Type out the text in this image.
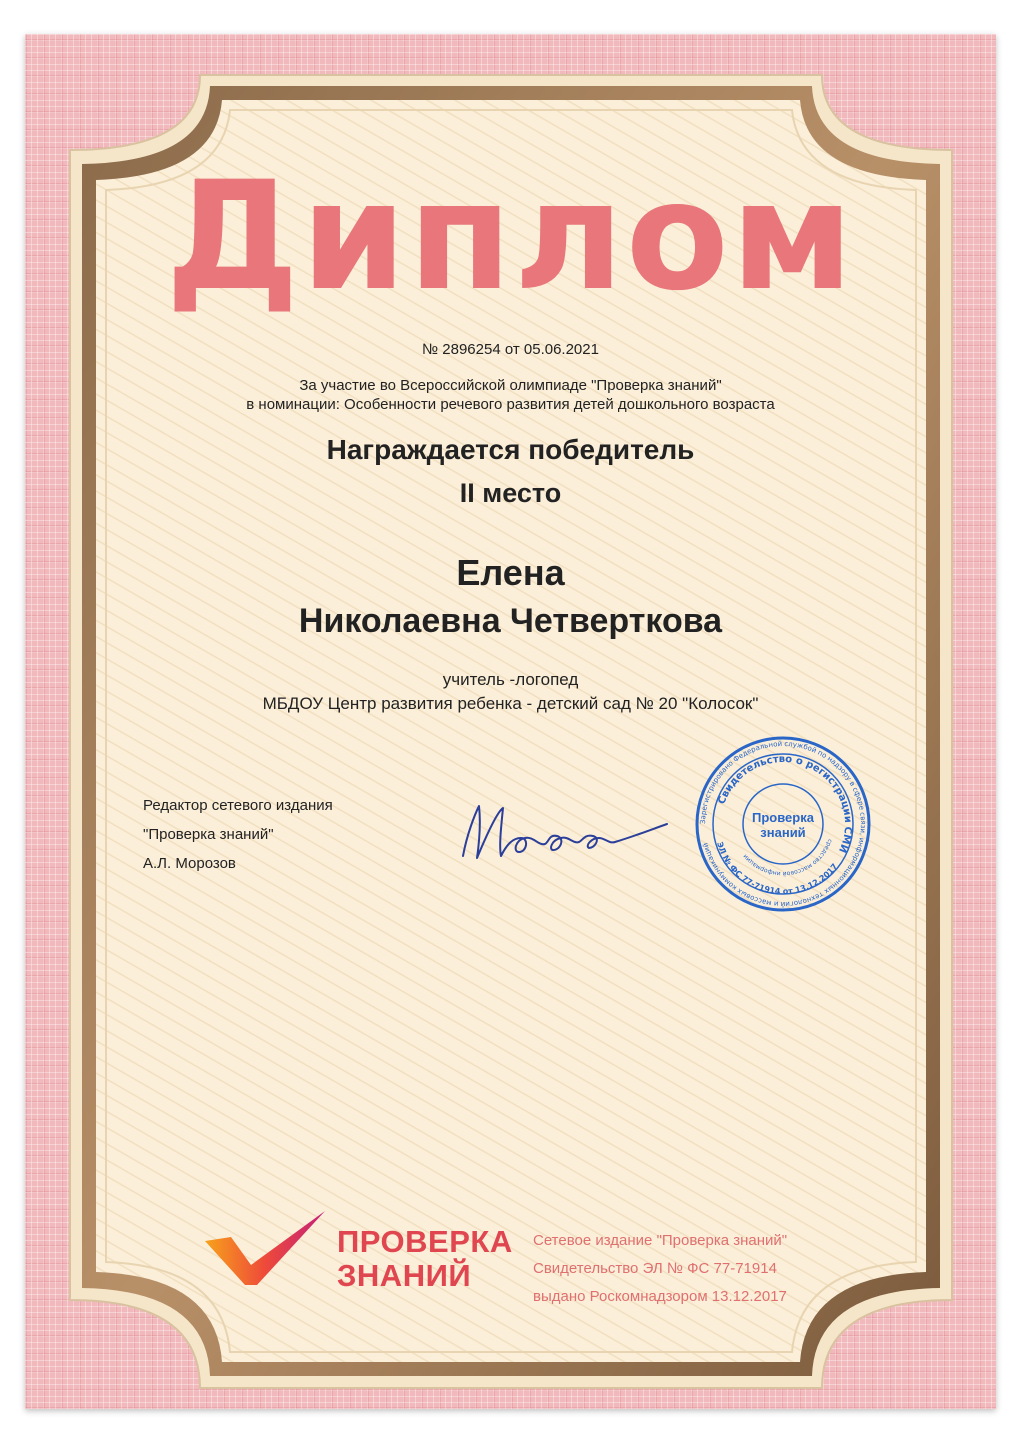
Диплом
№ 2896254 от 05.06.2021
За участие во Всероссийской олимпиаде "Проверка знаний"
в номинации: Особенности речевого развития детей дошкольного возраста
Награждается победитель
II место
Елена
Николаевна Четверткова
учитель -логопед
МБДОУ Центр развития ребенка - детский сад № 20 "Колосок"
Редактор сетевого издания
"Проверка знаний"
А.Л. Морозов
Зарегистрировано Федеральной службой по надзору в сфере связи, информационных технологий и массовых коммуникаций
Свидетельство о регистрации СМИ
средство массовой информации
ЭЛ № ФС 77-71914 от 13.12.2017
Проверка
знаний
ПРОВЕРКА
ЗНАНИЙ
Сетевое издание "Проверка знаний"
Свидетельство ЭЛ № ФС 77-71914
выдано Роскомнадзором 13.12.2017
